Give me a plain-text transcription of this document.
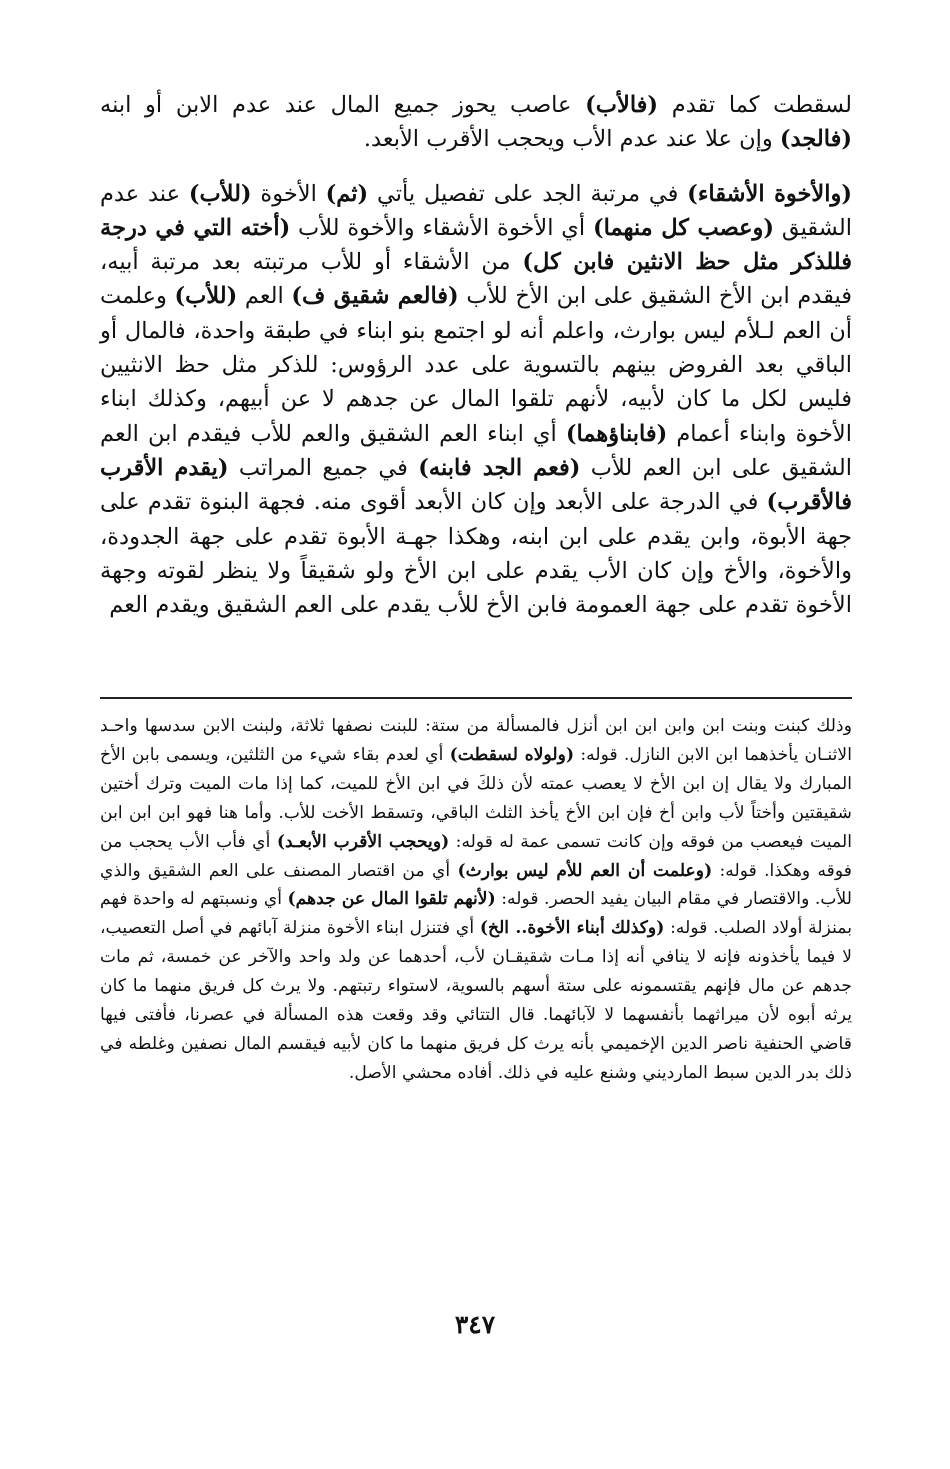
لسقطت كما تقدم (فالأب) عاصب يحوز جميع المال عند عدم الابن أو ابنه (فالجد) وإن علا عند عدم الأب ويحجب الأقرب الأبعد.

(والأخوة الأشقاء) في مرتبة الجد على تفصيل يأتي (ثم) الأخوة (للأب) عند عدم الشقيق (وعصب كل منهما) أي الأخوة الأشقاء والأخوة للأب (أخته التي في درجة فللذكر مثل حظ الانثين فابن كل) من الأشقاء أو للأب مرتبته بعد مرتبة أبيه، فيقدم ابن الأخ الشقيق على ابن الأخ للأب (فالعم شقيق ف) العم (للأب) وعلمت أن العم لـلأم ليس بوارث، واعلم أنه لو اجتمع بنو ابناء في طبقة واحدة، فالمال أو الباقي بعد الفروض بينهم بالتسوية على عدد الرؤوس: للذكر مثل حظ الانثيين فليس لكل ما كان لأبيه، لأنهم تلقوا المال عن جدهم لا عن أبيهم، وكذلك ابناء الأخوة وابناء أعمام (فابناؤهما) أي ابناء العم الشقيق والعم للأب فيقدم ابن العم الشقيق على ابن العم للأب (فعم الجد فابنه) في جميع المراتب (يقدم الأقرب فالأقرب) في الدرجة على الأبعد وإن كان الأبعد أقوى منه. فجهة البنوة تقدم على جهة الأبوة، وابن يقدم على ابن ابنه، وهكذا جهـة الأبوة تقدم على جهة الجدودة، والأخوة، والأخ وإن كان الأب يقدم على ابن الأخ ولو شقيقاً ولا ينظر لقوته وجهة الأخوة تقدم على جهة العمومة فابن الأخ للأب يقدم على العم الشقيق ويقدم العم

وذلك كبنت وبنت ابن وابن ابن ابن أنزل فالمسألة من ستة: للبنت نصفها ثلاثة، ولبنت الابن سدسها واحـد الاثنـان يأخذهما ابن الابن النازل. قوله: (ولولاه لسقطت) أي لعدم بقاء شيء من الثلثين، ويسمى بابن الأخ المبارك ولا يقال إن ابن الأخ لا يعصب عمته لأن ذلكَ في ابن الأخ للميت، كما إذا مات الميت وترك أختين شقيقتين وأختاً لأب وابن أخ فإن ابن الأخ يأخذ الثلث الباقي، وتسقط الأخت للأب. وأما هنا فهو ابن ابن ابن الميت فيعصب من فوقه وإن كانت تسمى عمة له قوله: (ويحجب الأقرب الأبعـد) أي فأب الأب يحجب من فوقه وهكذا. قوله: (وعلمت أن العم للأم ليس بوارث) أي من اقتصار المصنف على العم الشقيق والذي للأب. والاقتصار في مقام البيان يفيد الحصر. قوله: (لأنهم تلقوا المال عن جدهم) أي ونسبتهم له واحدة فهم بمنزلة أولاد الصلب. قوله: (وكذلك أبناء الأخوة.. الخ) أي فتنزل ابناء الأخوة منزلة آبائهم في أصل التعصيب، لا فيما يأخذونه فإنه لا ينافي أنه إذا مـات شقيقـان لأب، أحدهما عن ولد واحد والآخر عن خمسة، ثم مات جدهم عن مال فإنهم يقتسمونه على ستة أسهم بالسوية، لاستواء رتبتهم. ولا يرث كل فريق منهما ما كان يرثه أبوه لأن ميراثهما بأنفسهما لا لآبائهما. قال التتائي وقد وقعت هذه المسألة في عصرنا، فأفتى فيها قاضي الحنفية ناصر الدين الإخميمي بأنه يرث كل فريق منهما ما كان لأبيه فيقسم المال نصفين وغلطه في ذلك بدر الدين سبط المارديني وشنع عليه في ذلك. أفاده محشي الأصل.

٣٤٧
